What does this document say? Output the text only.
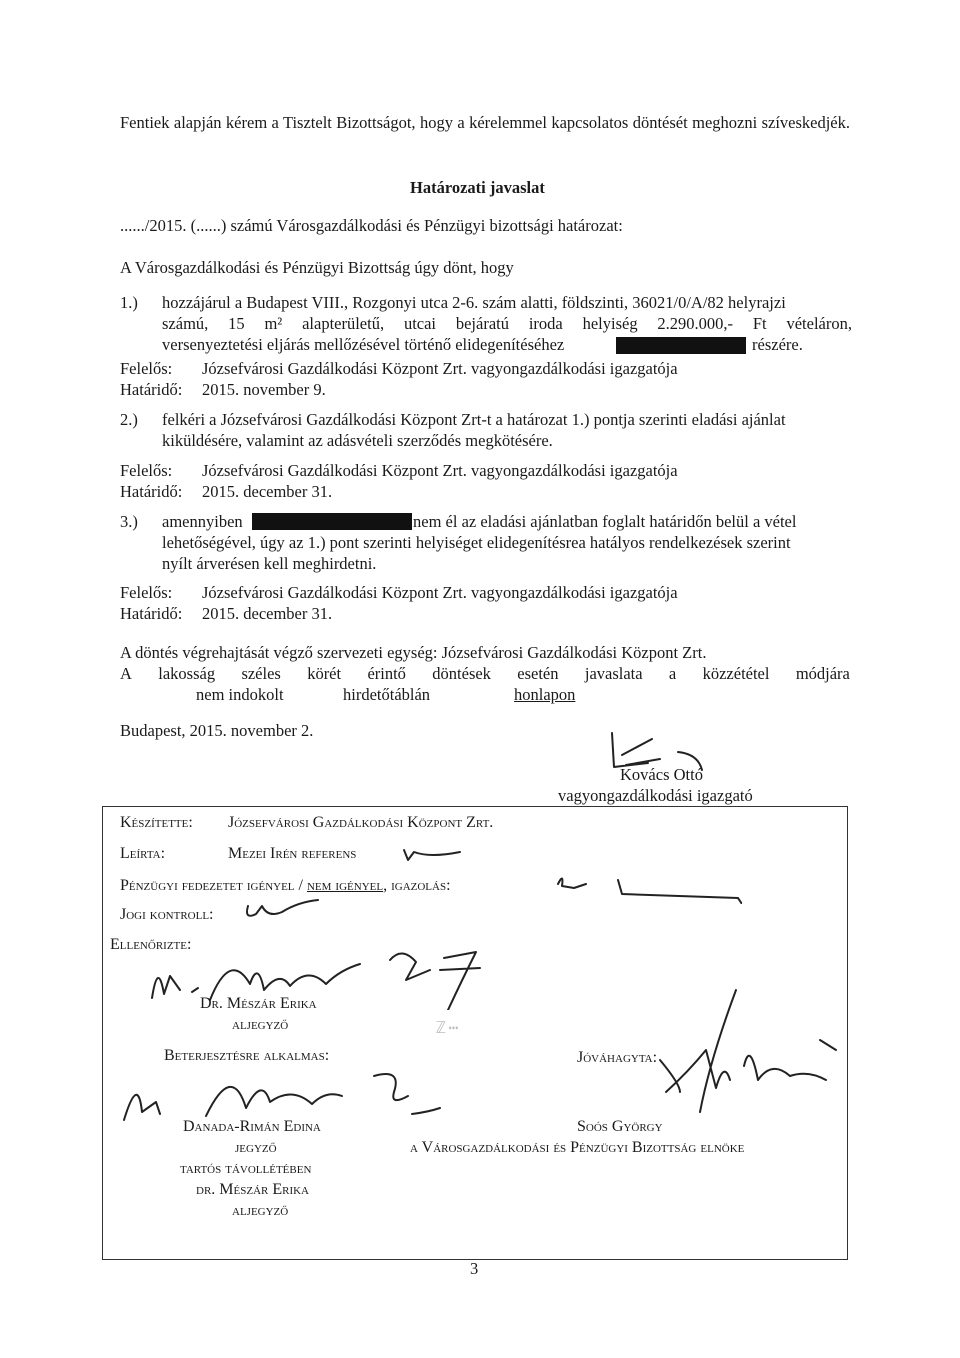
Fentiek alapján kérem a Tisztelt Bizottságot, hogy a kérelemmel kapcsolatos döntését meghozni szíveskedjék.
Határozati javaslat
....../2015. (......) számú Városgazdálkodási és Pénzügyi bizottsági határozat:
A Városgazdálkodási és Pénzügyi Bizottság úgy dönt, hogy
1.) hozzájárul a Budapest VIII., Rozgonyi utca 2-6. szám alatti, földszinti, 36021/0/A/82 helyrajzi
számú, 15 m² alapterületű, utcai bejáratú iroda helyiség 2.290.000,- Ft vételáron,
versenyeztetési eljárás mellőzésével történő elidegenítéséhez	részére.
Felelős: Józsefvárosi Gazdálkodási Központ Zrt. vagyongazdálkodási igazgatója
Határidő: 2015. november 9.
2.) felkéri a Józsefvárosi Gazdálkodási Központ Zrt-t a határozat 1.) pontja szerinti eladási ajánlat
kiküldésére, valamint az adásvételi szerződés megkötésére.
Felelős: Józsefvárosi Gazdálkodási Központ Zrt. vagyongazdálkodási igazgatója
Határidő: 2015. december 31.
3.) amennyiben	nem él az eladási ajánlatban foglalt határidőn belül a vétel
lehetőségével, úgy az 1.) pont szerinti helyiséget elidegenítésrea hatályos rendelkezések szerint
nyílt árverésen kell meghirdetni.
Felelős: Józsefvárosi Gazdálkodási Központ Zrt. vagyongazdálkodási igazgatója
Határidő: 2015. december 31.
A döntés végrehajtását végző szervezeti egység: Józsefvárosi Gazdálkodási Központ Zrt.
A lakosság széles körét érintő döntések esetén javaslata a közzététel módjára
nem indokolt	hirdetőtáblán	honlapon
Budapest, 2015. november 2.
Kovács Ottó
vagyongazdálkodási igazgató
Készítette: Józsefvárosi Gazdálkodási Központ Zrt.
Leírta:	Mezei Irén referens
Pénzügyi fedezetet igényel / nem igényel, igazolás:
Jogi kontroll:
Ellenőrizte:
Dr. Mészár Erika
aljegyző	ℤ⋯
Beterjesztésre alkalmas:	Jóváhagyta:
Danada-Rimán Edina
jegyző
tartós távollétében
dr. Mészár Erika
aljegyző
Soós György
a Városgazdálkodási és Pénzügyi Bizottság elnöke
3
